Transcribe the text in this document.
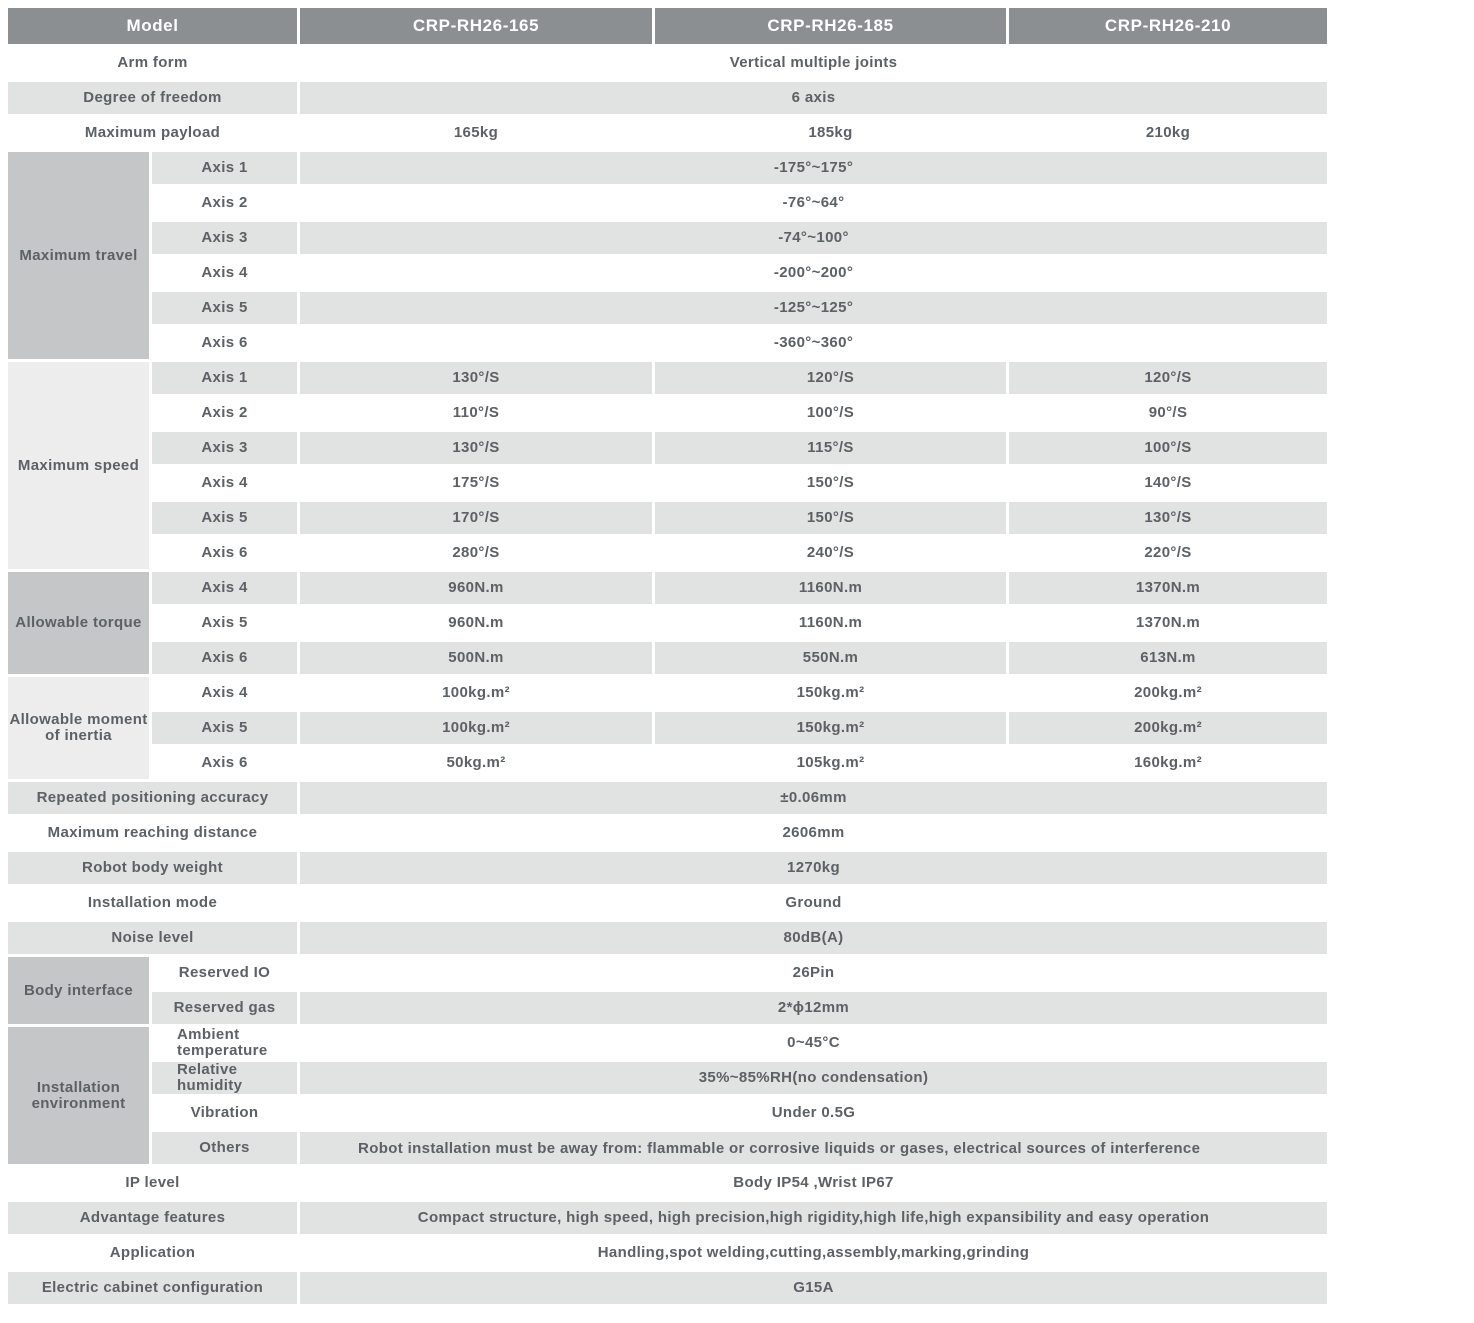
Model		CRP-RH26-165	CRP-RH26-185	CRP-RH26-210
Arm form		Vertical multiple joints		
Degree of freedom		6 axis		
Maximum payload		165kg	185kg	210kg
Maximum travel	Axis 1	-175°~175°		
	Axis 2	-76°~64°		
	Axis 3	-74°~100°		
	Axis 4	-200°~200°		
	Axis 5	-125°~125°		
	Axis 6	-360°~360°		
Maximum speed	Axis 1	130°/S	120°/S	120°/S
	Axis 2	110°/S	100°/S	90°/S
	Axis 3	130°/S	115°/S	100°/S
	Axis 4	175°/S	150°/S	140°/S
	Axis 5	170°/S	150°/S	130°/S
	Axis 6	280°/S	240°/S	220°/S
Allowable torque	Axis 4	960N.m	1160N.m	1370N.m
	Axis 5	960N.m	1160N.m	1370N.m
	Axis 6	500N.m	550N.m	613N.m
Allowable moment of inertia	Axis 4	100kg.m²	150kg.m²	200kg.m²
	Axis 5	100kg.m²	150kg.m²	200kg.m²
	Axis 6	50kg.m²	105kg.m²	160kg.m²
Repeated positioning accuracy		±0.06mm		
Maximum reaching distance		2606mm		
Robot body weight		1270kg		
Installation mode		Ground		
Noise level		80dB(A)		
Body interface	Reserved IO	26Pin		
	Reserved gas	2*ϕ12mm		
Installation environment	Ambient temperature	0~45°C		
	Relative humidity	35%~85%RH(no condensation)		
	Vibration	Under 0.5G		
	Others	Robot installation must be away from: flammable or corrosive liquids or gases, electrical sources of interference		
IP level		Body IP54 ,Wrist IP67		
Advantage features		Compact structure, high speed, high precision,high rigidity,high life,high expansibility and easy operation		
Application		Handling,spot welding,cutting,assembly,marking,grinding		
Electric cabinet configuration		G15A		
